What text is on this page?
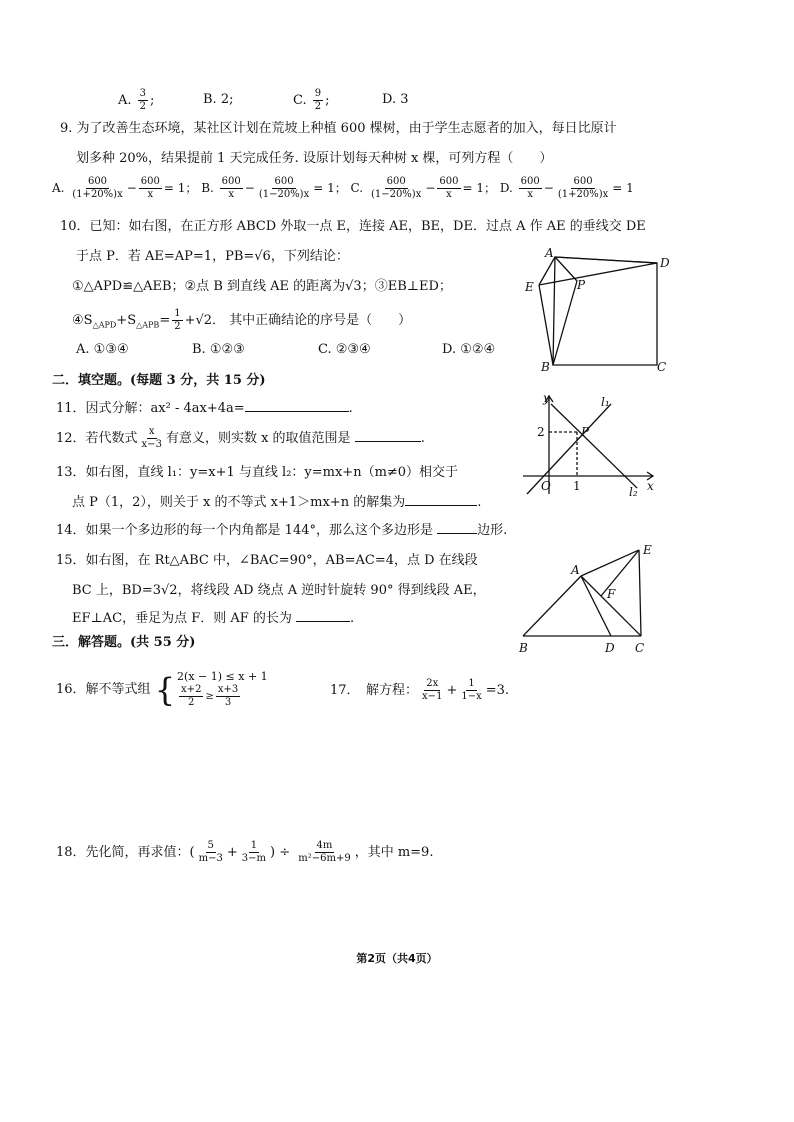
A. $\frac{3}{2}$ ;	B. 2;	C. $\frac{9}{2}$ ;	D. 3
9. 为了改善生态环境，某社区计划在荒坡上种植 600 棵树，由于学生志愿者的加入，每日比原计
划多种 20%，结果提前 1 天完成任务. 设原计划每天种树 x 棵，可列方程（　　）
A. $\frac{600}{(1+20\%)x} - \frac{600}{x} = 1$； B. $\frac{600}{x} - \frac{600}{(1-20\%)x} = 1$； C. $\frac{600}{(1-20\%)x} - \frac{600}{x} = 1$； D. $\frac{600}{x} - \frac{600}{(1+20\%)x} = 1$
10．已知：如右图，在正方形 ABCD 外取一点 E，连接 AE，BE，DE．过点 A 作 AE 的垂线交 DE
于点 P．若 AE=AP=1，PB=√6，下列结论：
①△APD≌△AEB；②点 B 到直线 AE 的距离为√3；③EB⊥ED；
$④S_{\triangle APD}+S_{\triangle APB}= \frac{1}{2} +√2$． 其中正确结论的序号是（　　）
A. ①③④	B. ①②③	C. ②③④	D. ①②④
A
D
E	P
B	C
二．填空题。(每题 3 分，共 15 分)
11．因式分解：ax² - 4ax+4a=	.
12．若代数式 $\frac{x}{x-3}$ 有意义，则实数 x 的取值范围是	.
13．如右图，直线 l₁：y=x+1 与直线 l₂：y=mx+n（m≠0）相交于
点 P（1，2），则关于 x 的不等式 x+1＞mx+n 的解集为	.
y	l₁
2	P
O 1	l₂ x
14．如果一个多边形的每一个内角都是 144°，那么这个多边形是	边形.
15．如右图，在 Rt△ABC 中，∠BAC=90°，AB=AC=4，点 D 在线段
BC 上，BD=3√2，将线段 AD 绕点 A 逆时针旋转 90° 得到线段 AE，
EF⊥AC，垂足为点 F．则 AF 的长为	.
A
E
F
B	D C
三．解答题。(共 55 分)
16．解不等式组 { 2(x − 1) ≤ x + 1
$\frac{x+2}{2} \ge \frac{x+3}{3}$	17．　解方程： $\frac{2x}{x-1} + \frac{1}{1-x} =3$.
18．先化简，再求值：( $\frac{5}{m-3} + \frac{1}{3-m}$ ) ÷ $\frac{4m}{\text{m²−6m+9}}$ ，其中 m=9.
第2页（共4页）
